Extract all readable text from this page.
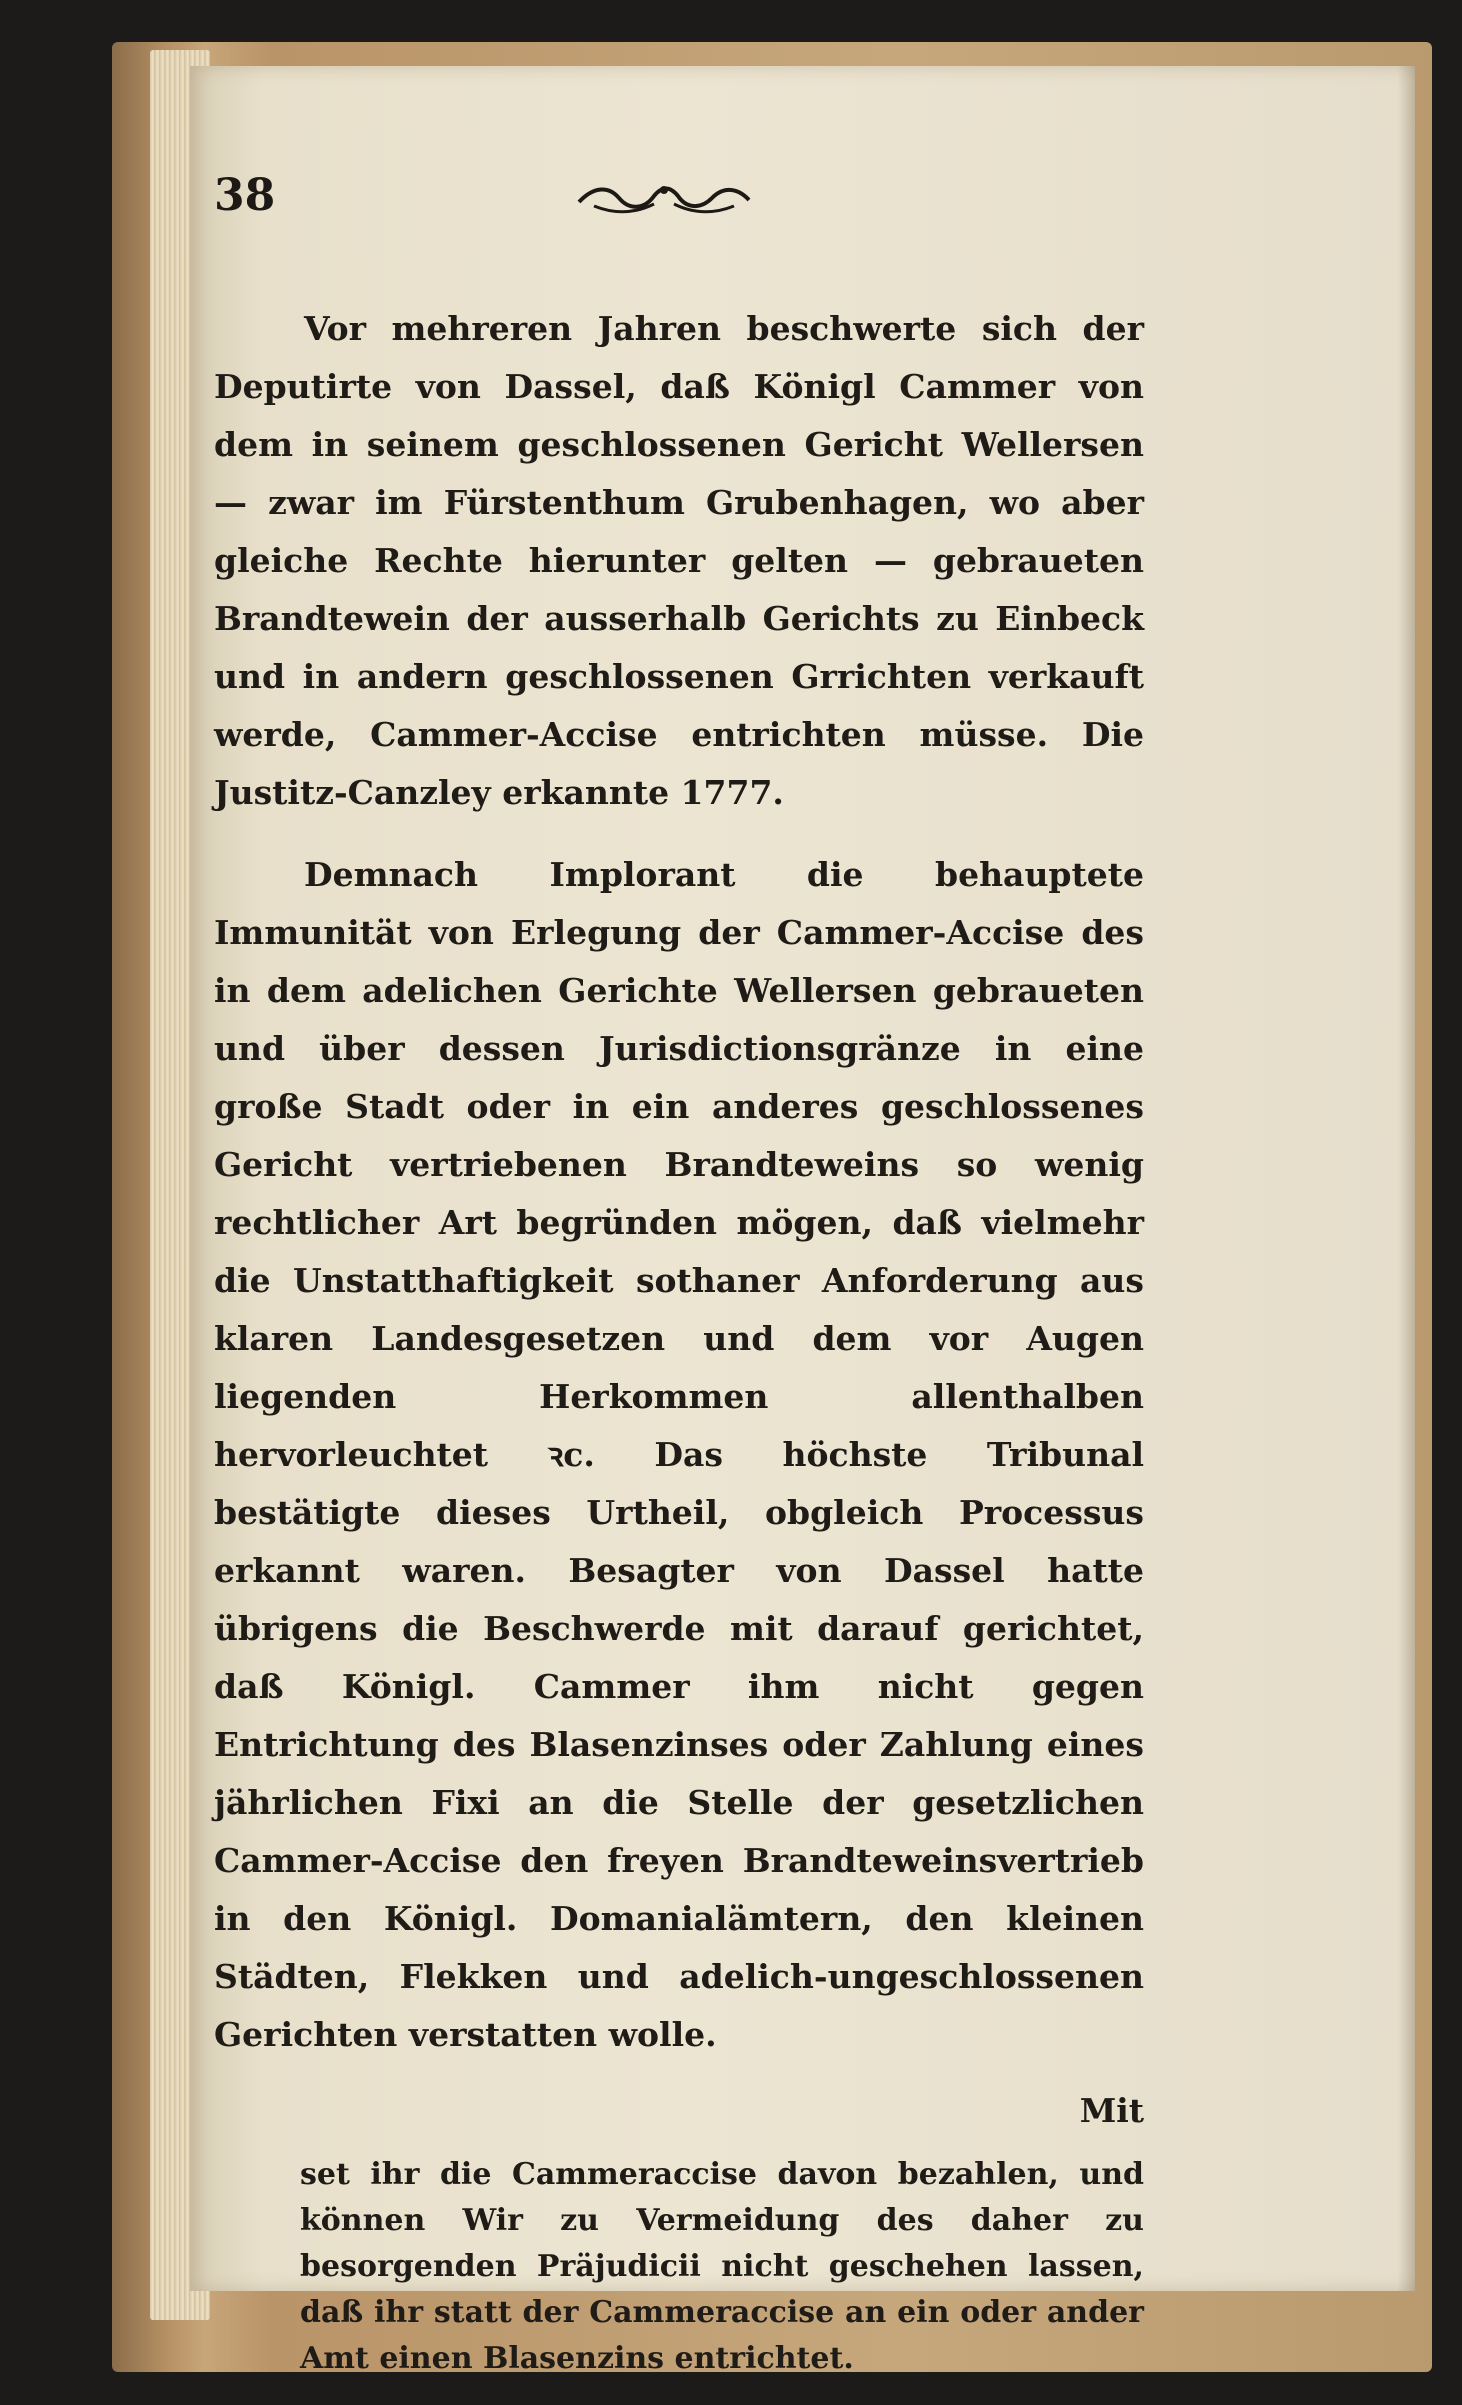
38

Vor mehreren Jahren beschwerte sich der Deputirte von Dassel, daß Königl Cammer von dem in seinem geschlossenen Gericht Wellersen — zwar im Fürstenthum Grubenhagen, wo aber gleiche Rechte hierunter gelten — gebraueten Brandtewein der ausserhalb Gerichts zu Einbeck und in andern geschlossenen Grrichten verkauft werde, Cammer-Accise entrichten müsse. Die Justitz-Canzley erkannte 1777.

Demnach Implorant die behauptete Immunität von Erlegung der Cammer-Accise des in dem adelichen Gerichte Wellersen gebraueten und über dessen Jurisdictionsgränze in eine große Stadt oder in ein anderes geschlossenes Gericht vertriebenen Brandteweins so wenig rechtlicher Art begründen mögen, daß vielmehr die Unstatthaftigkeit sothaner Anforderung aus klaren Landesgesetzen und dem vor Augen liegenden Herkommen allenthalben hervorleuchtet ꝛc. Das höchste Tribunal bestätigte dieses Urtheil, obgleich Processus erkannt waren. Besagter von Dassel hatte übrigens die Beschwerde mit darauf gerichtet, daß Königl. Cammer ihm nicht gegen Entrichtung des Blasenzinses oder Zahlung eines jährlichen Fixi an die Stelle der gesetzlichen Cammer-Accise den freyen Brandteweinsvertrieb in den Königl. Domanialämtern, den kleinen Städten, Flekken und adelich-ungeschlossenen Gerichten verstatten wolle.

Mit

set ihr die Cammeraccise davon bezahlen, und können Wir zu Vermeidung des daher zu besorgenden Präjudicii nicht geschehen lassen, daß ihr statt der Cammeraccise an ein oder ander Amt einen Blasenzins entrichtet.
